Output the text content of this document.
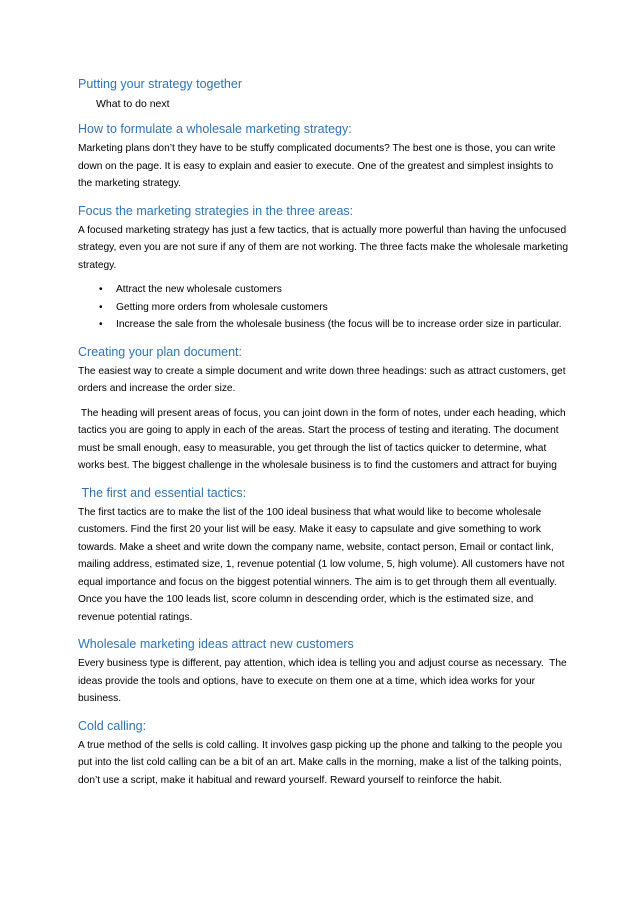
Putting your strategy together
What to do next
How to formulate a wholesale marketing strategy:

Marketing plans don’t they have to be stuffy complicated documents? The best one is those, you can write down on the page. It is easy to explain and easier to execute. One of the greatest and simplest insights to the marketing strategy.

Focus the marketing strategies in the three areas:

A focused marketing strategy has just a few tactics, that is actually more powerful than having the unfocused strategy, even you are not sure if any of them are not working. The three facts make the wholesale marketing strategy.

• Attract the new wholesale customers
• Getting more orders from wholesale customers
• Increase the sale from the wholesale business (the focus will be to increase order size in particular.
Creating your plan document:

The easiest way to create a simple document and write down three headings: such as attract customers, get orders and increase the order size.

The heading will present areas of focus, you can joint down in the form of notes, under each heading, which tactics you are going to apply in each of the areas. Start the process of testing and iterating. The document must be small enough, easy to measurable, you get through the list of tactics quicker to determine, what works best. The biggest challenge in the wholesale business is to find the customers and attract for buying

The first and essential tactics:

The first tactics are to make the list of the 100 ideal business that what would like to become wholesale customers. Find the first 20 your list will be easy. Make it easy to capsulate and give something to work towards. Make a sheet and write down the company name, website, contact person, Email or contact link, mailing address, estimated size, 1, revenue potential (1 low volume, 5, high volume). All customers have not equal importance and focus on the biggest potential winners. The aim is to get through them all eventually. Once you have the 100 leads list, score column in descending order, which is the estimated size, and revenue potential ratings.

Wholesale marketing ideas attract new customers

Every business type is different, pay attention, which idea is telling you and adjust course as necessary.  The ideas provide the tools and options, have to execute on them one at a time, which idea works for your business.

Cold calling:

A true method of the sells is cold calling. It involves gasp picking up the phone and talking to the people you put into the list cold calling can be a bit of an art. Make calls in the morning, make a list of the talking points, don’t use a script, make it habitual and reward yourself. Reward yourself to reinforce the habit.
